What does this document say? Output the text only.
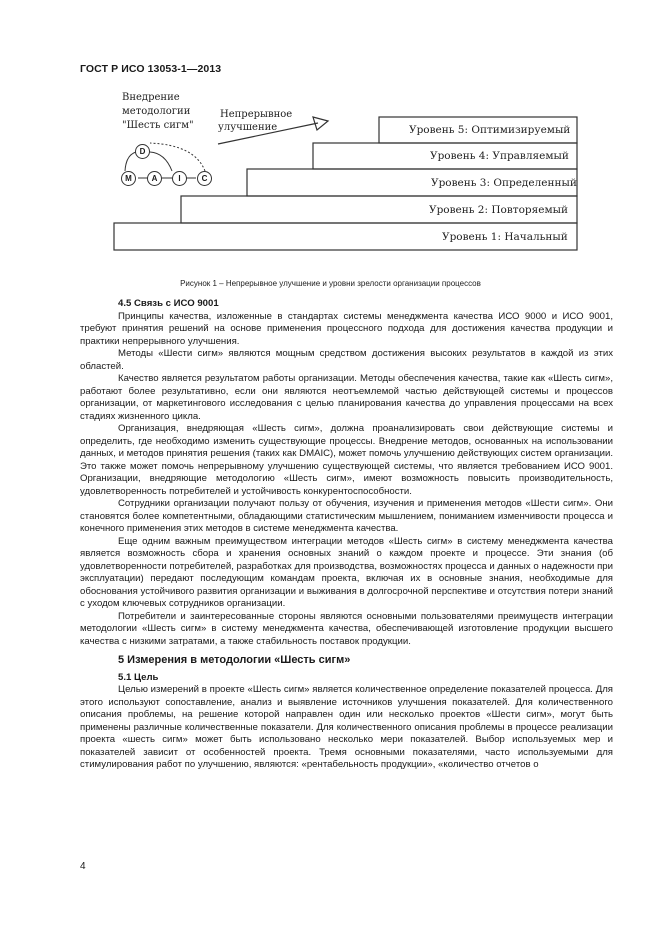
ГОСТ Р ИСО 13053-1—2013
Внедрение
методологии
"Шесть сигм"
Непрерывное
улучшение
D
M	A	I	C
Уровень 5: Оптимизируемый
Уровень 4: Управляемый
Уровень 3: Определенный
Уровень 2: Повторяемый
Уровень 1: Начальный
Рисунок 1 – Непрерывное улучшение и уровни зрелости организации процессов

4.5 Связь с ИСО 9001

Принципы качества, изложенные в стандартах системы менеджмента качества ИСО 9000 и ИСО 9001, требуют принятия решений на основе применения процессного подхода для достижения качества продукции и практики непрерывного улучшения.

Методы «Шести сигм» являются мощным средством достижения высоких результатов в каждой из этих областей.

Качество является результатом работы организации. Методы обеспечения качества, такие как «Шесть сигм», работают более результативно, если они являются неотъемлемой частью действующей системы и процессов организации, от маркетингового исследования с целью планирования качества до управления процессами на всех стадиях жизненного цикла.

Организация, внедряющая «Шесть сигм», должна проанализировать свои действующие системы и определить, где необходимо изменить существующие процессы. Внедрение методов, основанных на использовании данных, и методов принятия решения (таких как DMAIC), может помочь улучшению действующих систем организации. Это также может помочь непрерывному улучшению существующей системы, что является требованием ИСО 9001. Организации, внедряющие методологию «Шесть сигм», имеют возможность повысить производительность, удовлетворенность потребителей и устойчивость конкурентоспособности.

Сотрудники организации получают пользу от обучения, изучения и применения методов «Шести сигм». Они становятся более компетентными, обладающими статистическим мышлением, пониманием изменчивости процесса и конечного применения этих методов в системе менеджмента качества.

Еще одним важным преимуществом интеграции методов «Шесть сигм» в систему менеджмента качества является возможность сбора и хранения основных знаний о каждом проекте и процессе. Эти знания (об удовлетворенности потребителей, разработках для производства, возможностях процесса и данных о надежности при эксплуатации) передают последующим командам проекта, включая их в основные знания, необходимые для обоснования устойчивого развития организации и выживания в долгосрочной перспективе и отсутствия потери знаний с уходом ключевых сотрудников организации.

Потребители и заинтересованные стороны являются основными пользователями преимуществ интеграции методологии «Шесть сигм» в систему менеджмента качества, обеспечивающей изготовление продукции высшего качества с низкими затратами, а также стабильность поставок продукции.

5 Измерения в методологии «Шесть сигм»

5.1 Цель

Целью измерений в проекте «Шесть сигм» является количественное определение показателей процесса. Для этого используют сопоставление, анализ и выявление источников улучшения показателей. Для количественного описания проблемы, на решение которой направлен один или несколько проектов «Шести сигм», могут быть применены различные количественные показатели. Для количественного описания проблемы в процессе реализации проекта «шесть сигм» может быть использовано несколько мери показателей. Выбор используемых мер и показателей зависит от особенностей проекта. Тремя основными показателями, часто используемыми для стимулирования работ по улучшению, являются: «рентабельность продукции», «количество отчетов о

4
